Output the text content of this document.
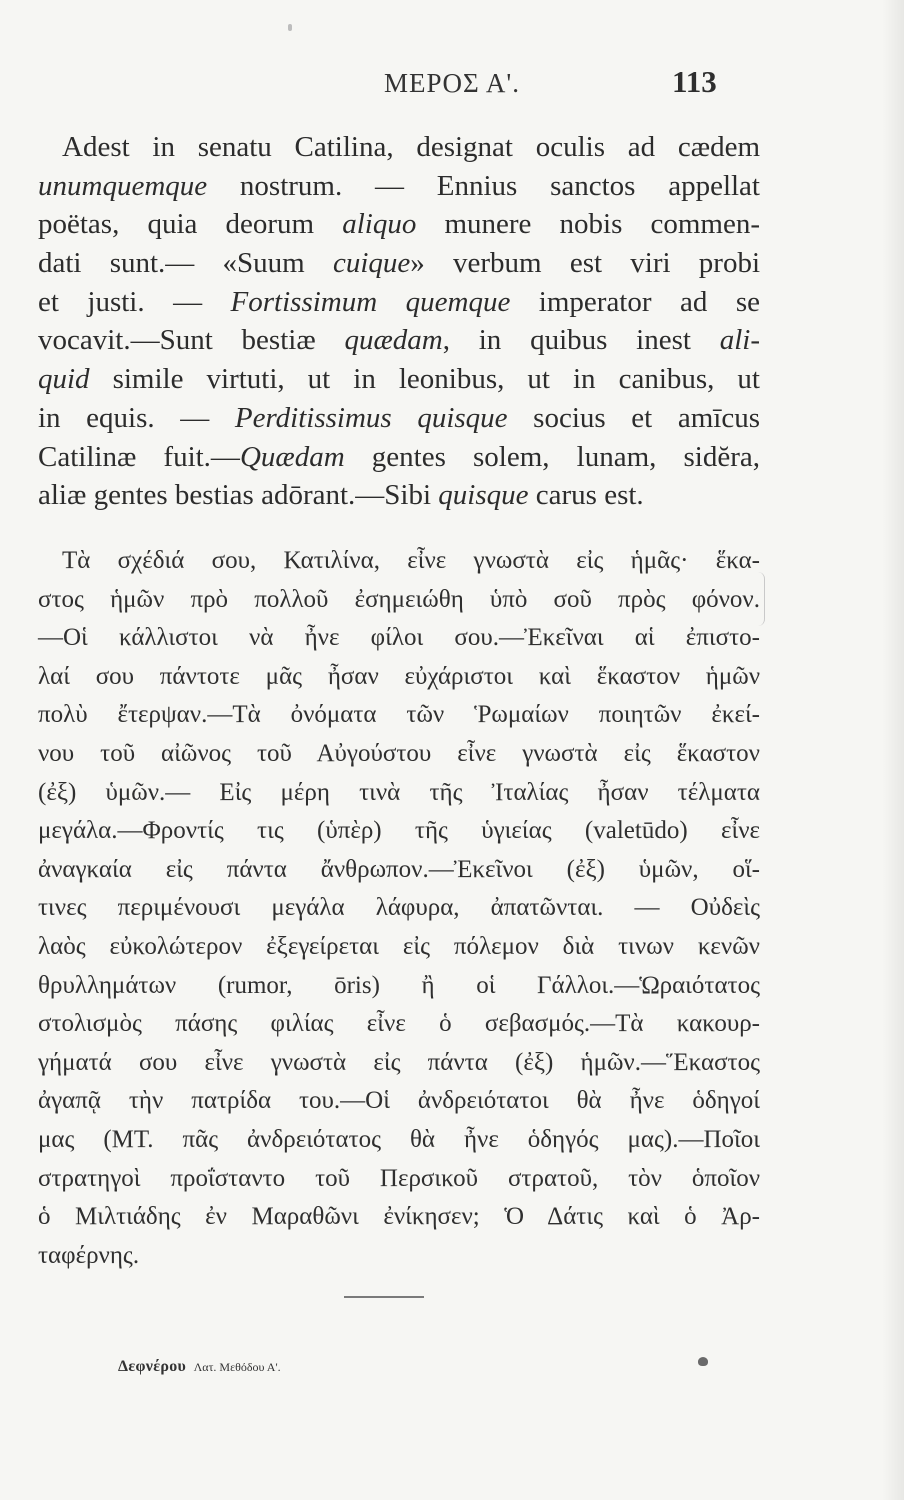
ΜΕΡΟΣ Α'.	113
Adest in senatu Catilina, designat oculis ad cædem
unumquemque nostrum. — Ennius sanctos appellat
poëtas, quia deorum aliquo munere nobis commen-
dati sunt.— «Suum cuique» verbum est viri probi
et justi. — Fortissimum quemque imperator ad se
vocavit.—Sunt bestiæ quædam, in quibus inest ali-
quid simile virtuti, ut in leonibus, ut in canibus, ut
in equis. — Perditissimus quisque socius et amīcus
Catilinæ fuit.—Quædam gentes solem, lunam, sidĕra,
aliæ gentes bestias adōrant.—Sibi quisque carus est.
Τὰ σχέδιά σου, Κατιλίνα, εἶνε γνωστὰ εἰς ἡμᾶς· ἕκα-
στος ἡμῶν πρὸ πολλοῦ ἐσημειώθη ὑπὸ σοῦ πρὸς φόνον.
—Οἱ κάλλιστοι νὰ ἦνε φίλοι σου.—Ἐκεῖναι αἱ ἐπιστο-
λαί σου πάντοτε μᾶς ἦσαν εὐχάριστοι καὶ ἕκαστον ἡμῶν
πολὺ ἔτερψαν.—Τὰ ὀνόματα τῶν Ῥωμαίων ποιητῶν ἐκεί-
νου τοῦ αἰῶνος τοῦ Αὐγούστου εἶνε γνωστὰ εἰς ἕκαστον
(ἐξ) ὑμῶν.— Εἰς μέρη τινὰ τῆς Ἰταλίας ἦσαν τέλματα
μεγάλα.—Φροντίς τις (ὑπὲρ) τῆς ὑγιείας (valetūdo) εἶνε
ἀναγκαία εἰς πάντα ἄνθρωπον.—Ἐκεῖνοι (ἐξ) ὑμῶν, οἵ-
τινες περιμένουσι μεγάλα λάφυρα, ἀπατῶνται. — Οὐδεὶς
λαὸς εὐκολώτερον ἐξεγείρεται εἰς πόλεμον διὰ τινων κενῶν
θρυλλημάτων (rumor, ōris) ἢ οἱ Γάλλοι.—Ὡραιότατος
στολισμὸς πάσης φιλίας εἶνε ὁ σεβασμός.—Τὰ κακουρ-
γήματά σου εἶνε γνωστὰ εἰς πάντα (ἐξ) ἡμῶν.—Ἕκαστος
ἀγαπᾷ τὴν πατρίδα του.—Οἱ ἀνδρειότατοι θὰ ἦνε ὁδηγοί
μας (ΜΤ. πᾶς ἀνδρειότατος θὰ ἦνε ὁδηγός μας).—Ποῖοι
στρατηγοὶ προΐσταντο τοῦ Περσικοῦ στρατοῦ, τὸν ὁποῖον
ὁ Μιλτιάδης ἐν Μαραθῶνι ἐνίκησεν; Ὁ Δάτις καὶ ὁ Ἀρ-
ταφέρνης.
Δεφνέρου Λατ. Μεθόδου Α'.
